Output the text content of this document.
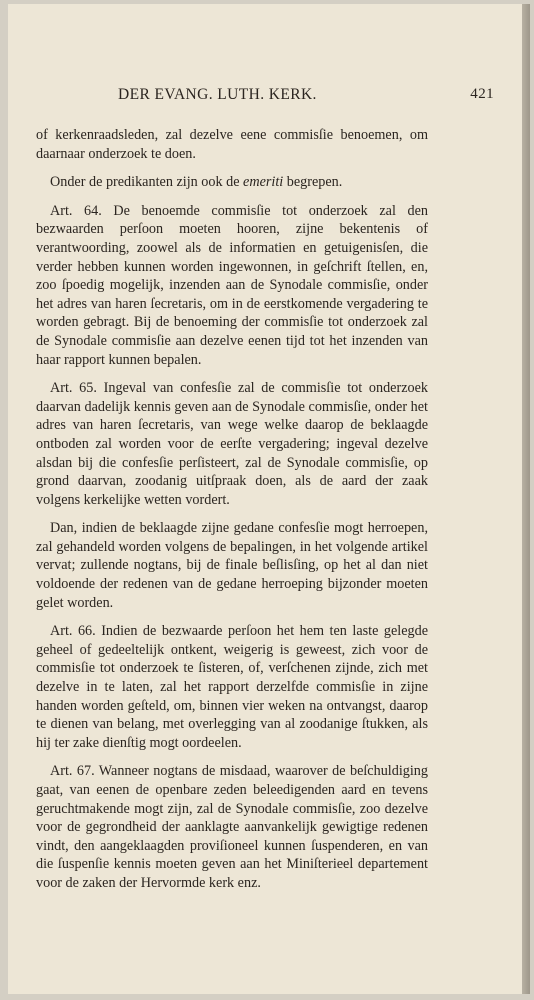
DER EVANG. LUTH. KERK.	421

of kerkenraadsleden, zal dezelve eene commisſie benoemen, om daarnaar onderzoek te doen.

Onder de predikanten zijn ook de emeriti begrepen.

Art. 64. De benoemde commisſie tot onderzoek zal den bezwaarden perſoon moeten hooren, zijne bekentenis of verantwoording, zoowel als de informatien en getuigenisſen, die verder hebben kunnen worden ingewonnen, in geſchrift ſtellen, en, zoo ſpoedig mogelijk, inzenden aan de Synodale commisſie, onder het adres van haren ſecretaris, om in de eerstkomende vergadering te worden gebragt. Bij de benoeming der commisſie tot onderzoek zal de Synodale commisſie aan dezelve eenen tijd tot het inzenden van haar rapport kunnen bepalen.

Art. 65. Ingeval van confesſie zal de commisſie tot onderzoek daarvan dadelijk kennis geven aan de Synodale commisſie, onder het adres van haren ſecretaris, van wege welke daarop de beklaagde ontboden zal worden voor de eerſte vergadering; ingeval dezelve alsdan bij die confesſie perſisteert, zal de Synodale commisſie, op grond daarvan, zoodanig uitſpraak doen, als de aard der zaak volgens kerkelijke wetten vordert.

Dan, indien de beklaagde zijne gedane confesſie mogt herroepen, zal gehandeld worden volgens de bepalingen, in het volgende artikel vervat; zullende nogtans, bij de finale beſlisſing, op het al dan niet voldoende der redenen van de gedane herroeping bijzonder moeten gelet worden.

Art. 66. Indien de bezwaarde perſoon het hem ten laste gelegde geheel of gedeeltelijk ontkent, weigerig is geweest, zich voor de commisſie tot onderzoek te ſisteren, of, verſchenen zijnde, zich met dezelve in te laten, zal het rapport derzelfde commisſie in zijne handen worden geſteld, om, binnen vier weken na ontvangst, daarop te dienen van belang, met overlegging van al zoodanige ſtukken, als hij ter zake dienſtig mogt oordeelen.

Art. 67. Wanneer nogtans de misdaad, waarover de beſchuldiging gaat, van eenen de openbare zeden beleedigenden aard en tevens geruchtmakende mogt zijn, zal de Synodale commisſie, zoo dezelve voor de gegrondheid der aanklagte aanvankelijk gewigtige redenen vindt, den aangeklaagden proviſioneel kunnen ſuspenderen, en van die ſuspenſie kennis moeten geven aan het Miniſterieel departement voor de zaken der Hervormde kerk enz.
